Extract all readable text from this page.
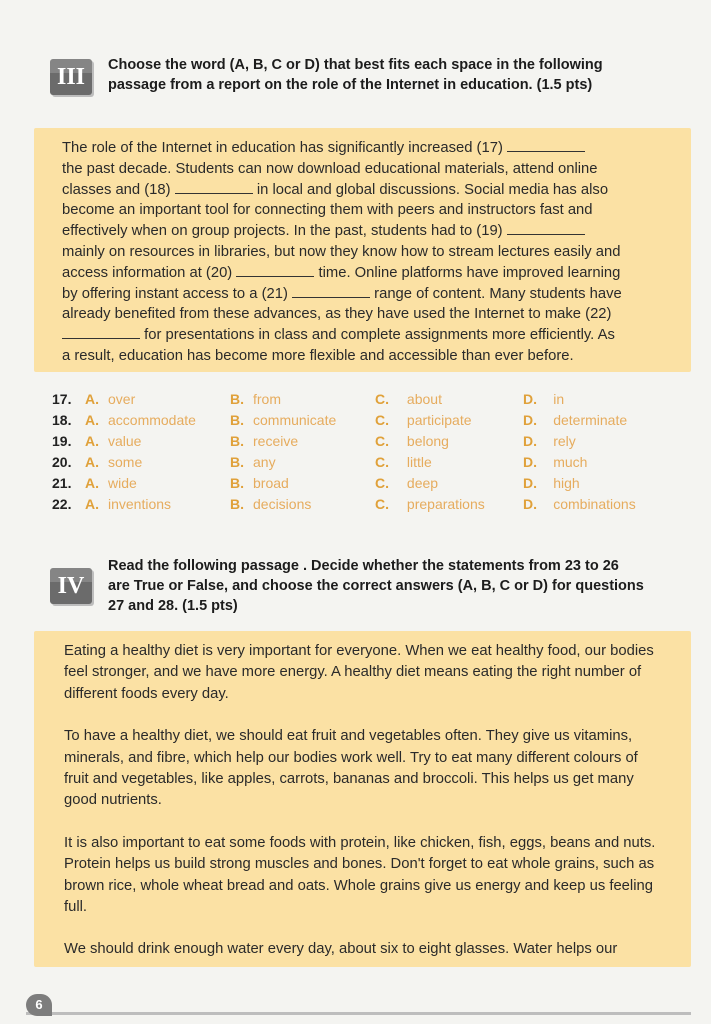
III	Choose the word (A, B, C or D) that best fits each space in the following
passage from a report on the role of the Internet in education. (1.5 pts)

The role of the Internet in education has significantly increased (17)

the past decade. Students can now download educational materials, attend online

classes and (18)	in local and global discussions. Social media has also

become an important tool for connecting them with peers and instructors fast and

effectively when on group projects. In the past, students had to (19)

mainly on resources in libraries, but now they know how to stream lectures easily and

access information at (20)	time. Online platforms have improved learning

by offering instant access to a (21)	range of content. Many students have

already benefited from these advances, as they have used the Internet to make (22)

for presentations in class and complete assignments more efficiently. As

a result, education has become more flexible and accessible than ever before.

17. A. over	B. from	C.	about	D.	in
18. A. accommodate	B. communicate	C.	participate	D.	determinate
19. A. value	B. receive	C.	belong	D.	rely
20. A. some	B. any	C.	little	D.	much
21. A. wide	B. broad	C.	deep	D.	high
22. A. inventions	B. decisions	C.	preparations	D.	combinations
IV
Read the following passage . Decide whether the statements from 23 to 26
are True or False, and choose the correct answers (A, B, C or D) for questions
27 and 28. (1.5 pts)

Eating a healthy diet is very important for everyone. When we eat healthy food, our bodies feel stronger, and we have more energy. A healthy diet means eating the right number of different foods every day.

To have a healthy diet, we should eat fruit and vegetables often. They give us vitamins, minerals, and fibre, which help our bodies work well. Try to eat many different colours of fruit and vegetables, like apples, carrots, bananas and broccoli. This helps us get many good nutrients.

It is also important to eat some foods with protein, like chicken, fish, eggs, beans and nuts. Protein helps us build strong muscles and bones. Don't forget to eat whole grains, such as brown rice, whole wheat bread and oats. Whole grains give us energy and keep us feeling full.

We should drink enough water every day, about six to eight glasses. Water helps our

6
